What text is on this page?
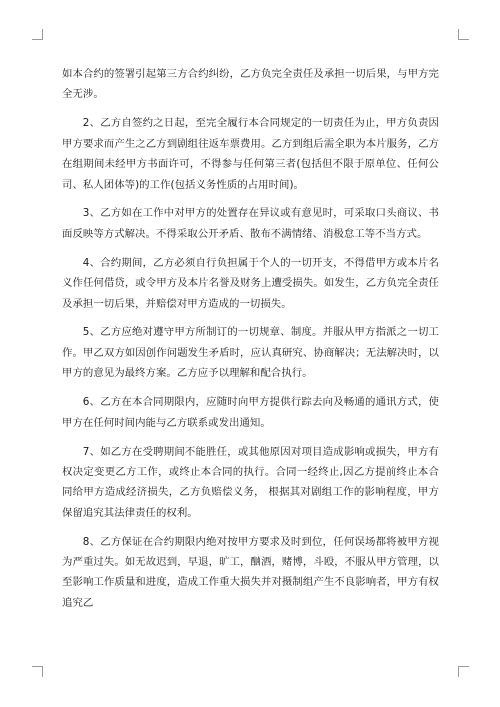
如本合约的签署引起第三方合约纠纷，乙方负完全责任及承担一切后果，与甲方完全无涉。

2、乙方自签约之日起，至完全履行本合同规定的一切责任为止，甲方负责因甲方要求而产生之乙方到剧组往返车票费用。乙方到组后需全职为本片服务，乙方在组期间未经甲方书面许可，不得参与任何第三者(包括但不限于原单位、任何公司、私人团体等)的工作(包括义务性质的占用时间)。

3、乙方如在工作中对甲方的处置存在异议或有意见时，可采取口头商议、书面反映等方式解决。不得采取公开矛盾、散布不满情绪、消极怠工等不当方式。

4、合约期间，乙方必须自行负担属于个人的一切开支，不得借甲方或本片名义作任何借贷，或令甲方及本片名誉及财务上遭受损失。如发生，乙方负完全责任及承担一切后果，并赔偿对甲方造成的一切损失。

5、乙方应绝对遵守甲方所制订的一切规章、制度。并服从甲方指派之一切工作。甲乙双方如因创作问题发生矛盾时，应认真研究、协商解决；无法解决时，以甲方的意见为最终方案。乙方应予以理解和配合执行。

6、乙方在本合同期限内，应随时向甲方提供行踪去向及畅通的通讯方式，使甲方在任何时间内能与乙方联系或发出通知。

7、如乙方在受聘期间不能胜任，或其他原因对项目造成影响或损失，甲方有权决定变更乙方工作，或终止本合同的执行。合同一经终止,因乙方提前终止本合同给甲方造成经济损失，乙方负赔偿义务， 根据其对剧组工作的影响程度，甲方保留追究其法律责任的权利。

8、乙方保证在合约期限内绝对按甲方要求及时到位，任何误场都将被甲方视为严重过失。如无故迟到，早退，旷工，酗酒，赌博，斗殴，不服从甲方管理，以至影响工作质量和进度，造成工作重大损失并对摄制组产生不良影响者，甲方有权追究乙
